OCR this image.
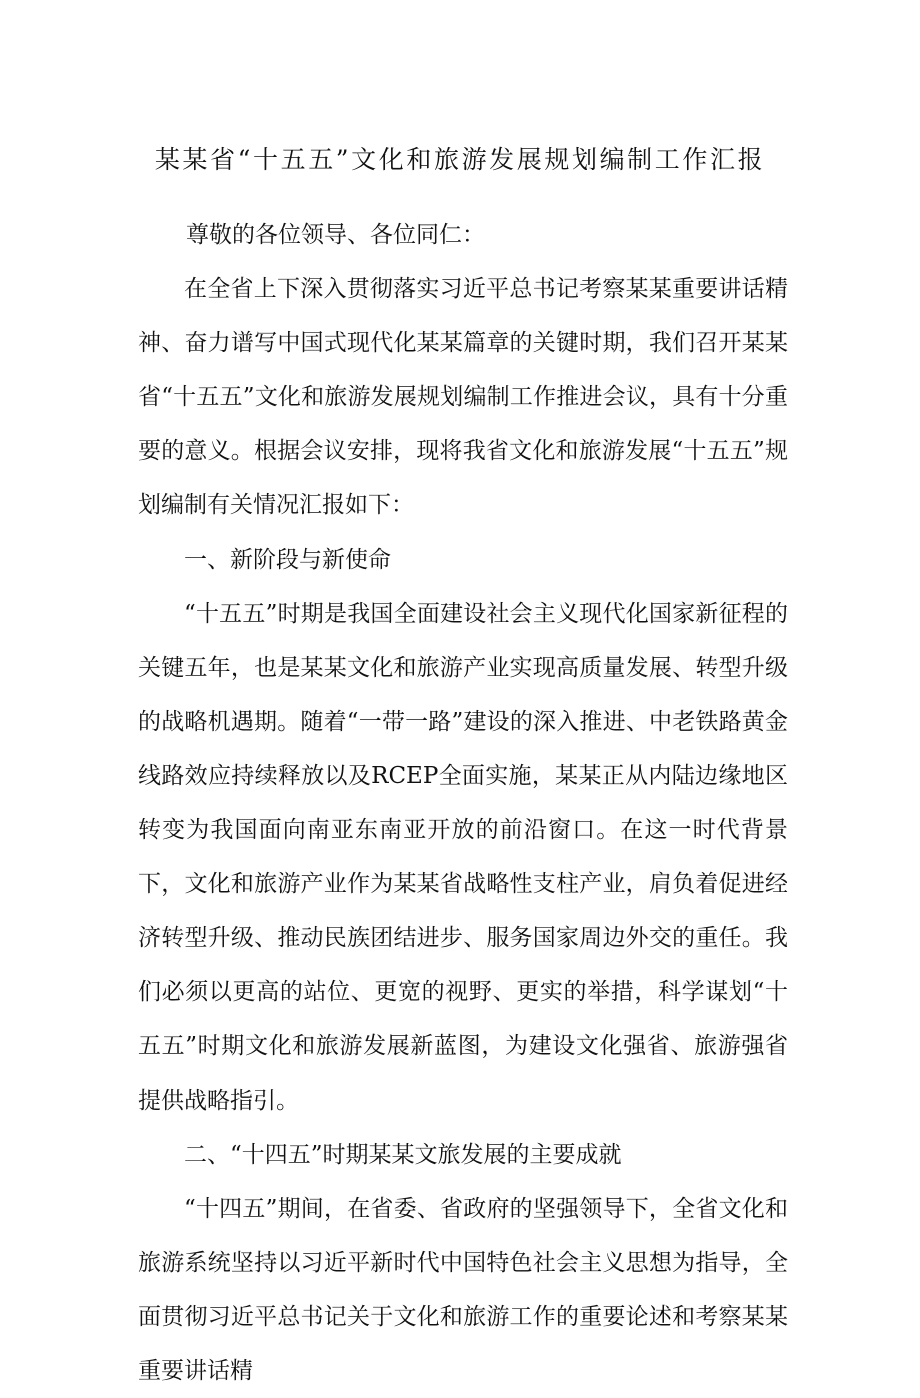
某某省“十五五”文化和旅游发展规划编制工作汇报

尊敬的各位领导、各位同仁：

在全省上下深入贯彻落实习近平总书记考察某某重要讲话精神、奋力谱写中国式现代化某某篇章的关键时期，我们召开某某省“十五五”文化和旅游发展规划编制工作推进会议，具有十分重要的意义。根据会议安排，现将我省文化和旅游发展“十五五”规划编制有关情况汇报如下：

一、新阶段与新使命

“十五五”时期是我国全面建设社会主义现代化国家新征程的关键五年，也是某某文化和旅游产业实现高质量发展、转型升级的战略机遇期。随着“一带一路”建设的深入推进、中老铁路黄金线路效应持续释放以及RCEP全面实施，某某正从内陆边缘地区转变为我国面向南亚东南亚开放的前沿窗口。在这一时代背景下，文化和旅游产业作为某某省战略性支柱产业，肩负着促进经济转型升级、推动民族团结进步、服务国家周边外交的重任。我们必须以更高的站位、更宽的视野、更实的举措，科学谋划“十五五”时期文化和旅游发展新蓝图，为建设文化强省、旅游强省提供战略指引。

二、“十四五”时期某某文旅发展的主要成就

“十四五”期间，在省委、省政府的坚强领导下，全省文化和旅游系统坚持以习近平新时代中国特色社会主义思想为指导，全面贯彻习近平总书记关于文化和旅游工作的重要论述和考察某某重要讲话精
